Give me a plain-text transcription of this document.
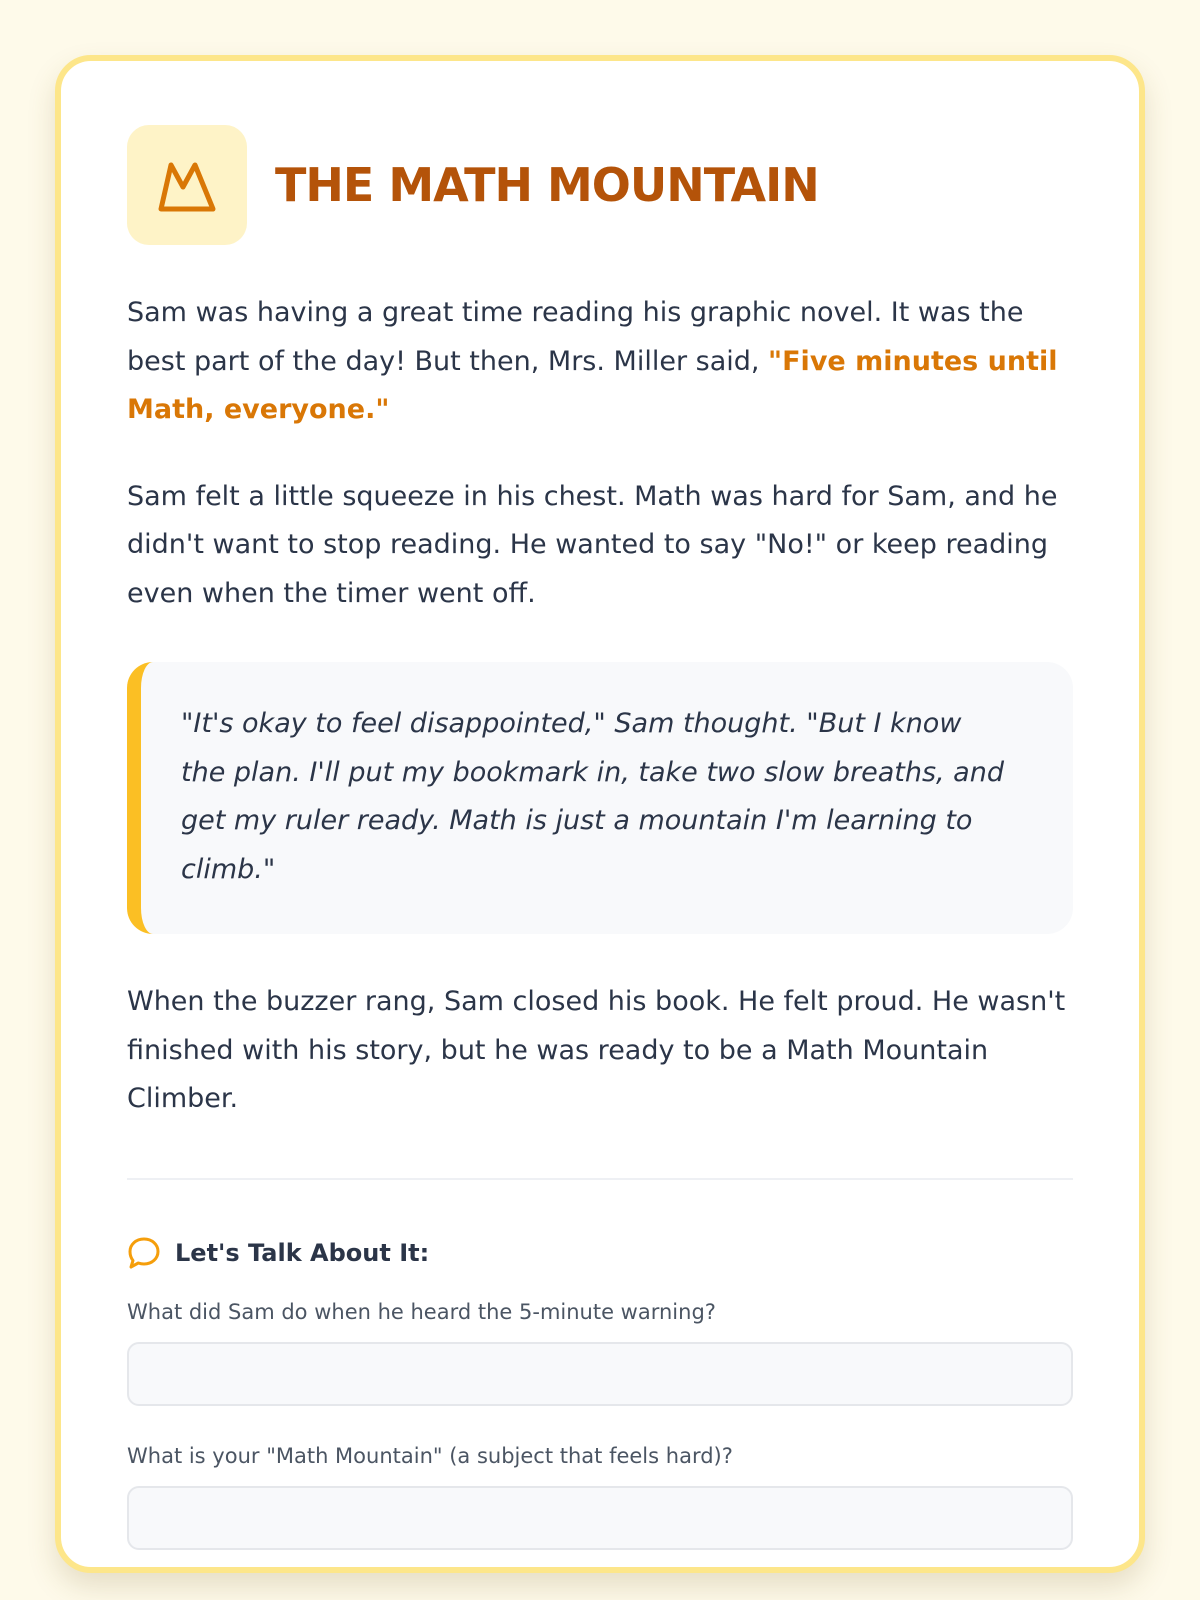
THE MATH MOUNTAIN

Sam was having a great time reading his graphic novel. It was the best part of the day! But then, Mrs. Miller said, "Five minutes until Math, everyone."

Sam felt a little squeeze in his chest. Math was hard for Sam, and he didn't want to stop reading. He wanted to say "No!" or keep reading even when the timer went off.

"It's okay to feel disappointed," Sam thought. "But I know the plan. I'll put my bookmark in, take two slow breaths, and get my ruler ready. Math is just a mountain I'm learning to climb."

When the buzzer rang, Sam closed his book. He felt proud. He wasn't finished with his story, but he was ready to be a Math Mountain Climber.

Let's Talk About It:
What did Sam do when he heard the 5-minute warning?
What is your "Math Mountain" (a subject that feels hard)?
